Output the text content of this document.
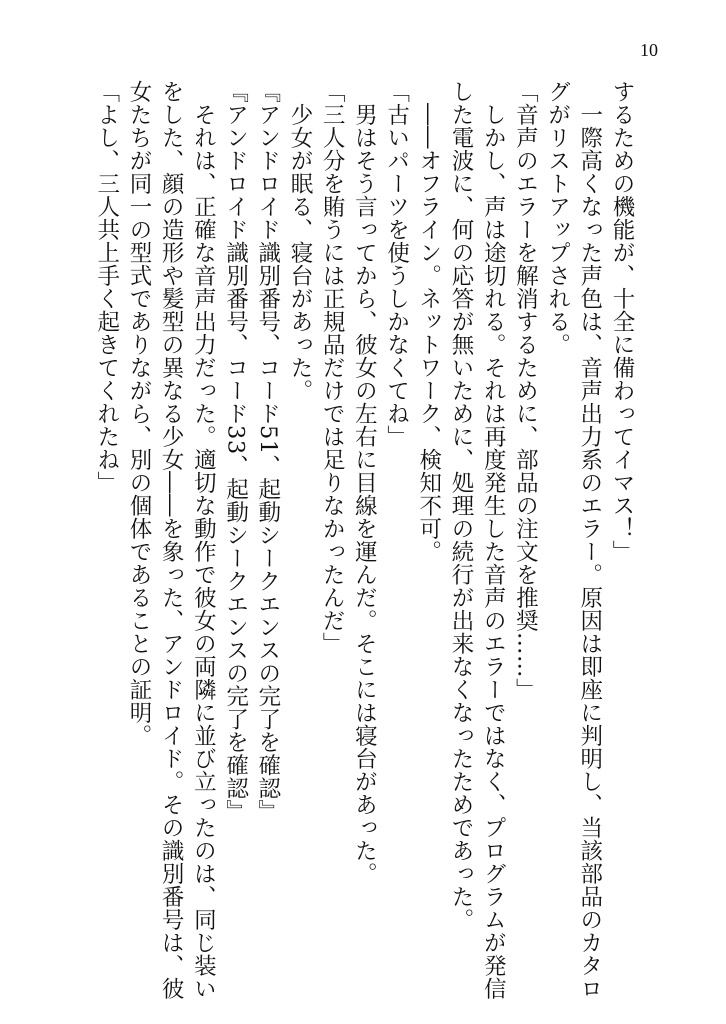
10
するための機能が、十全に備わってイマス！」
　一際高くなった声色は、音声出力系のエラー。原因は即座に判明し、当該部品のカタロ
グがリストアップされる。
「音声のエラーを解消するために、部品の注文を推奨……」
　しかし、声は途切れる。それは再度発生した音声のエラーではなく、プログラムが発信
した電波に、何の応答が無いために、処理の続行が出来なくなったためであった。
　――オフライン。ネットワーク、検知不可。
「古いパーツを使うしかなくてね」
　男はそう言ってから、彼女の左右に目線を運んだ。そこには寝台があった。
「三人分を賄うには正規品だけでは足りなかったんだ」
　少女が眠る、寝台があった。
『アンドロイド識別番号、コード51、起動シークエンスの完了を確認』
『アンドロイド識別番号、コード33、起動シークエンスの完了を確認』
　それは、正確な音声出力だった。適切な動作で彼女の両隣に並び立ったのは、同じ装い
をした、顔の造形や髪型の異なる少女――を象った、アンドロイド。その識別番号は、彼
女たちが同一の型式でありながら、別の個体であることの証明。
「よし、三人共上手く起きてくれたね」
